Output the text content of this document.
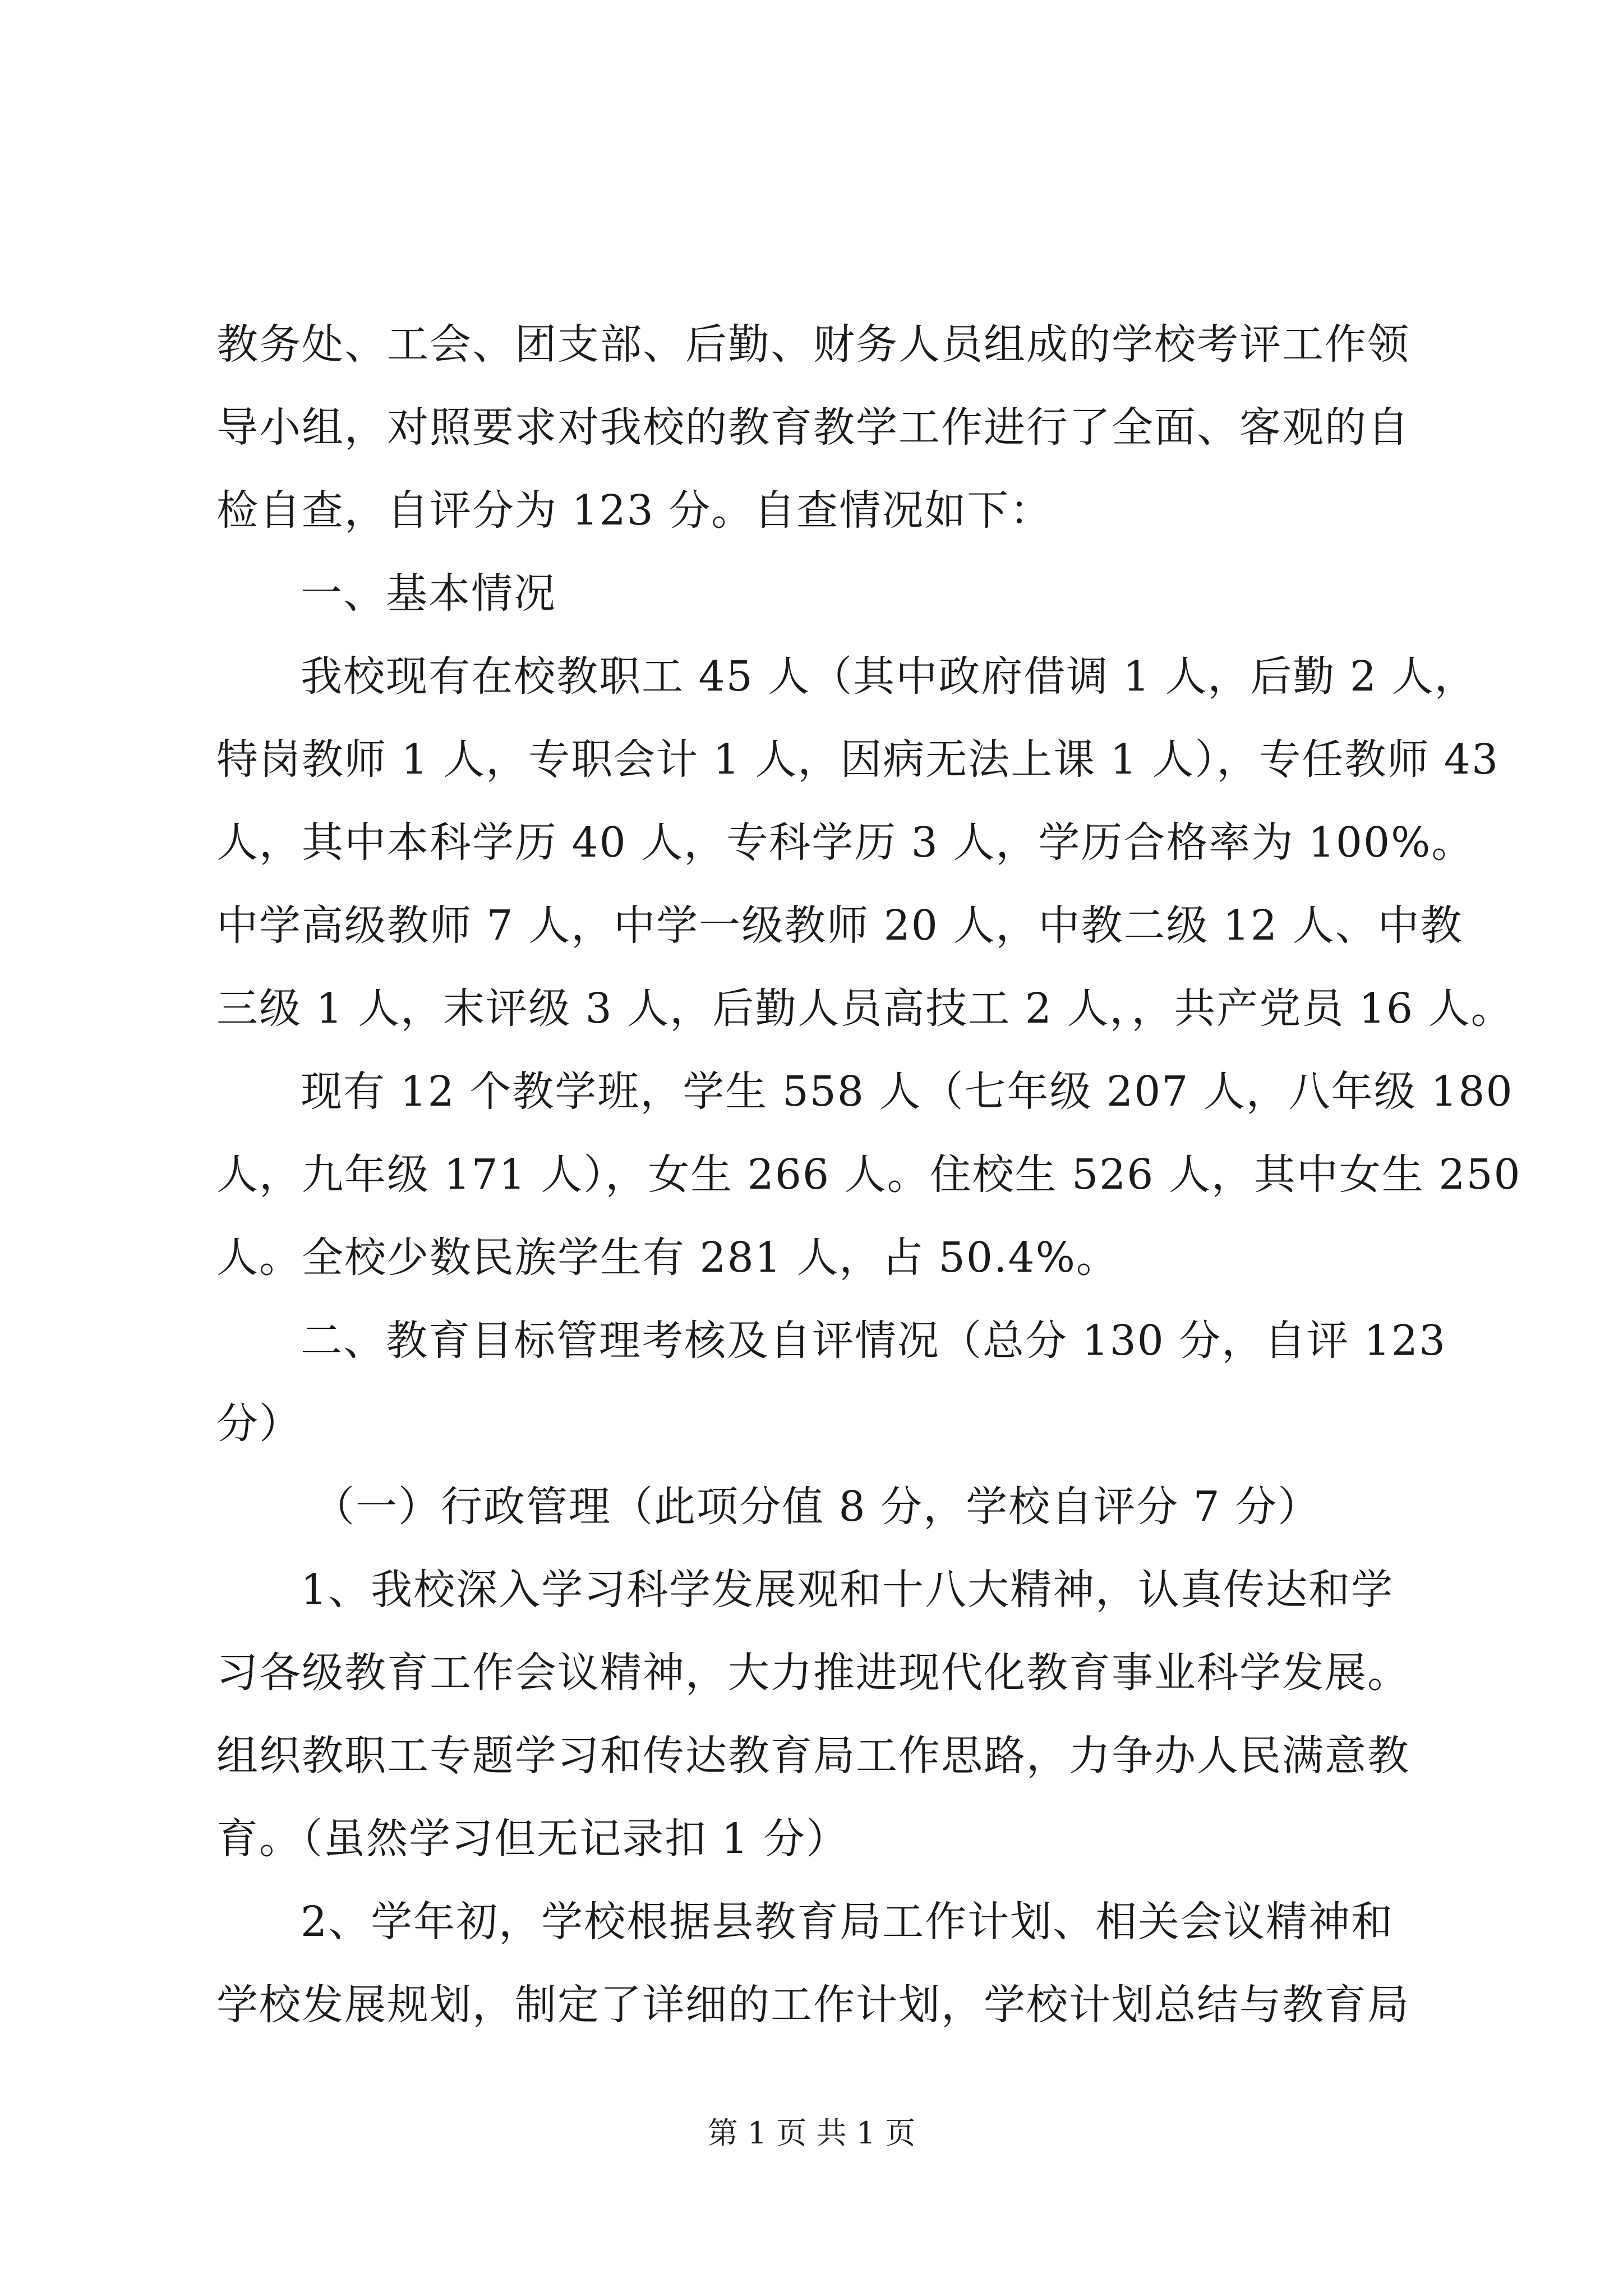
教务处、工会、团支部、后勤、财务人员组成的学校考评工作领
导小组，对照要求对我校的教育教学工作进行了全面、客观的自
检自查，自评分为 123 分。自查情况如下：
一、基本情况
我校现有在校教职工 45 人（其中政府借调 1 人，后勤 2 人，
特岗教师 1 人，专职会计 1 人，因病无法上课 1 人），专任教师 43
人，其中本科学历 40 人，专科学历 3 人，学历合格率为 100%。
中学高级教师 7 人，中学一级教师 20 人，中教二级 12 人、中教
三级 1 人，末评级 3 人，后勤人员高技工 2 人，，共产党员 16 人。
现有 12 个教学班，学生 558 人（七年级 207 人，八年级 180
人，九年级 171 人），女生 266 人。住校生 526 人，其中女生 250
人。全校少数民族学生有 281 人，占 50.4%。
二、教育目标管理考核及自评情况（总分 130 分，自评 123
分）
（一）行政管理（此项分值 8 分，学校自评分 7 分）
1、我校深入学习科学发展观和十八大精神，认真传达和学
习各级教育工作会议精神，大力推进现代化教育事业科学发展。
组织教职工专题学习和传达教育局工作思路，力争办人民满意教
育。（虽然学习但无记录扣 1 分）
2、学年初，学校根据县教育局工作计划、相关会议精神和
学校发展规划，制定了详细的工作计划，学校计划总结与教育局
第 1 页 共 1 页
